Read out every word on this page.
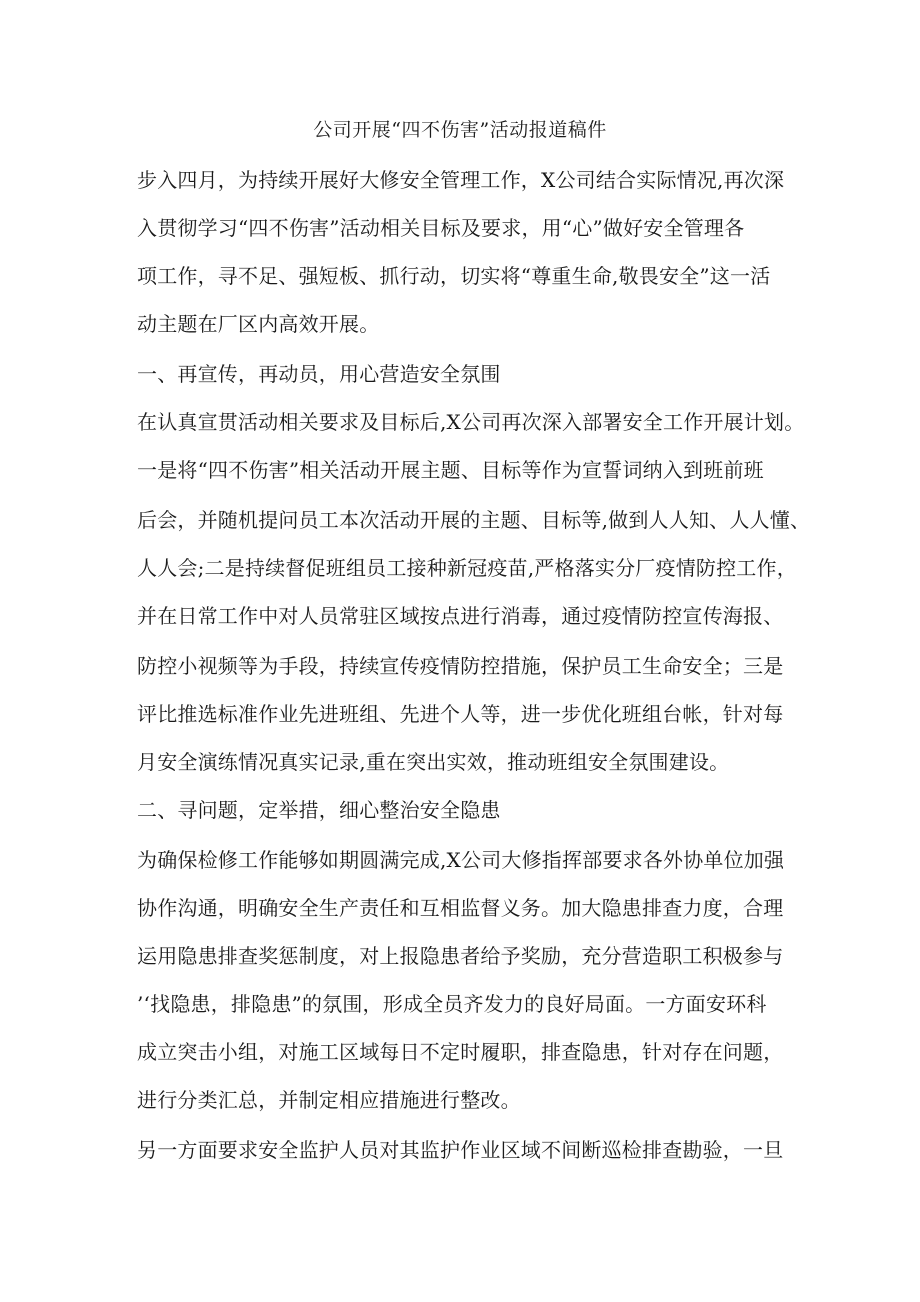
公司开展“四不伤害”活动报道稿件
步入四月，为持续开展好大修安全管理工作，X公司结合实际情况,再次深
入贯彻学习“四不伤害”活动相关目标及要求，用“心”做好安全管理各
项工作，寻不足、强短板、抓行动，切实将“尊重生命,敬畏安全”这一活
动主题在厂区内高效开展。
一、再宣传，再动员，用心营造安全氛围
在认真宣贯活动相关要求及目标后,X公司再次深入部署安全工作开展计划。
一是将“四不伤害”相关活动开展主题、目标等作为宣誓词纳入到班前班
后会，并随机提问员工本次活动开展的主题、目标等,做到人人知、人人懂、
人人会;二是持续督促班组员工接种新冠疫苗,严格落实分厂疫情防控工作，
并在日常工作中对人员常驻区域按点进行消毒，通过疫情防控宣传海报、
防控小视频等为手段，持续宣传疫情防控措施，保护员工生命安全；三是
评比推选标准作业先进班组、先进个人等，进一步优化班组台帐，针对每
月安全演练情况真实记录,重在突出实效，推动班组安全氛围建设。
二、寻问题，定举措，细心整治安全隐患
为确保检修工作能够如期圆满完成,X公司大修指挥部要求各外协单位加强
协作沟通，明确安全生产责任和互相监督义务。加大隐患排查力度，合理
运用隐患排查奖惩制度，对上报隐患者给予奖励，充分营造职工积极参与
’‘找隐患，排隐患”的氛围，形成全员齐发力的良好局面。一方面安环科
成立突击小组，对施工区域每日不定时履职，排查隐患，针对存在问题，
进行分类汇总，并制定相应措施进行整改。
另一方面要求安全监护人员对其监护作业区域不间断巡检排查勘验，一旦
